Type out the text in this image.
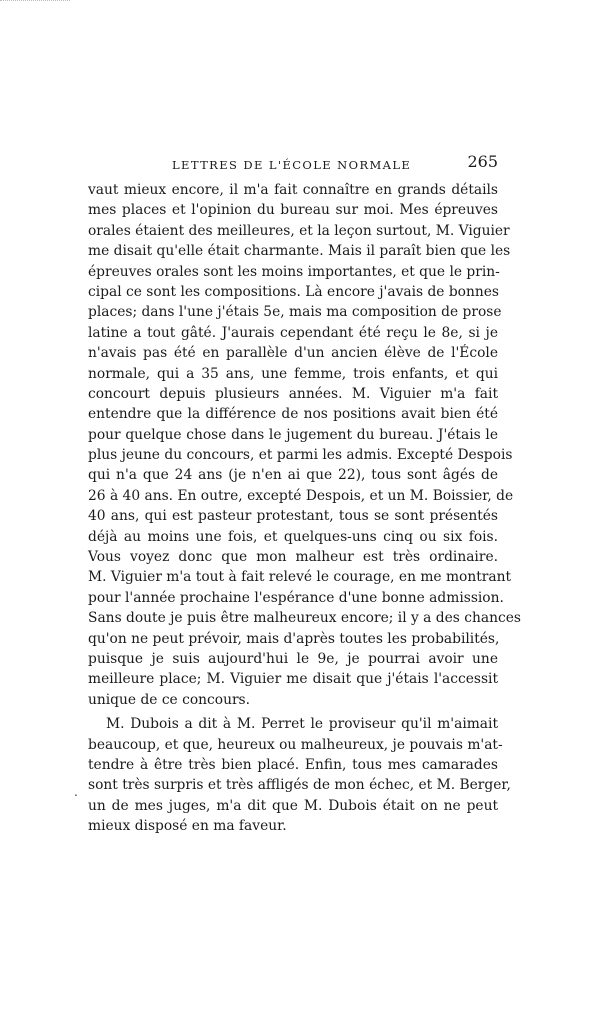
LETTRES DE L'ÉCOLE NORMALE	265
vaut mieux encore, il m'a fait connaître en grands détails
mes places et l'opinion du bureau sur moi. Mes épreuves
orales étaient des meilleures, et la leçon surtout, M. Viguier
me disait qu'elle était charmante. Mais il paraît bien que les
épreuves orales sont les moins importantes, et que le prin-
cipal ce sont les compositions. Là encore j'avais de bonnes
places; dans l'une j'étais 5e, mais ma composition de prose
latine a tout gâté. J'aurais cependant été reçu le 8e, si je
n'avais pas été en parallèle d'un ancien élève de l'École
normale, qui a 35 ans, une femme, trois enfants, et qui
concourt depuis plusieurs années. M. Viguier m'a fait
entendre que la différence de nos positions avait bien été
pour quelque chose dans le jugement du bureau. J'étais le
plus jeune du concours, et parmi les admis. Excepté Despois
qui n'a que 24 ans (je n'en ai que 22), tous sont âgés de
26 à 40 ans. En outre, excepté Despois, et un M. Boissier, de
40 ans, qui est pasteur protestant, tous se sont présentés
déjà au moins une fois, et quelques-uns cinq ou six fois.
Vous voyez donc que mon malheur est très ordinaire.
M. Viguier m'a tout à fait relevé le courage, en me montrant
pour l'année prochaine l'espérance d'une bonne admission.
Sans doute je puis être malheureux encore; il y a des chances
qu'on ne peut prévoir, mais d'après toutes les probabilités,
puisque je suis aujourd'hui le 9e, je pourrai avoir une
meilleure place; M. Viguier me disait que j'étais l'accessit
unique de ce concours.
M. Dubois a dit à M. Perret le proviseur qu'il m'aimait
beaucoup, et que, heureux ou malheureux, je pouvais m'at-
tendre à être très bien placé. Enfin, tous mes camarades
sont très surpris et très affligés de mon échec, et M. Berger,
un de mes juges, m'a dit que M. Dubois était on ne peut
mieux disposé en ma faveur.
.
